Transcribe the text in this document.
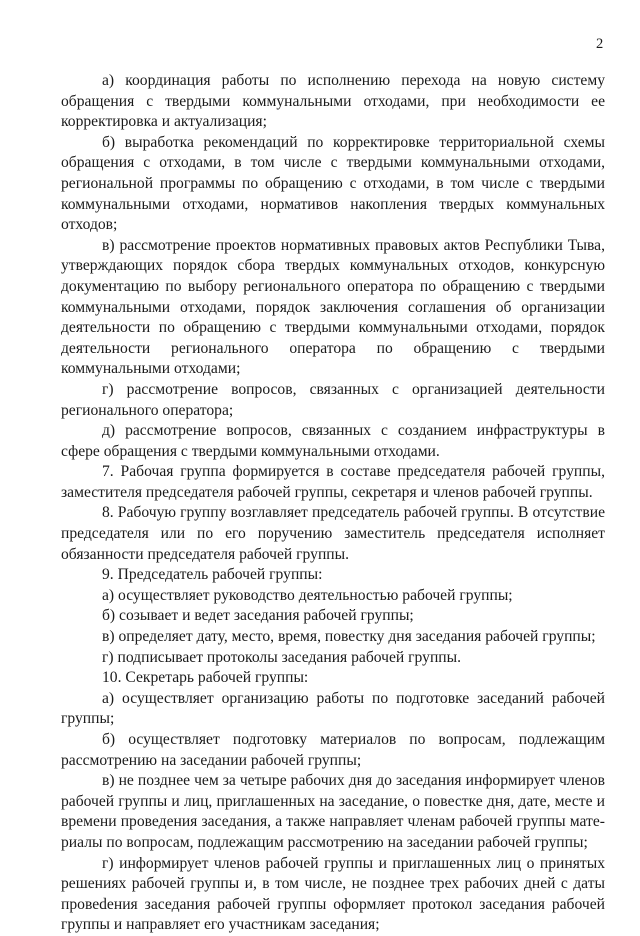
2

а) координация работы по исполнению перехода на новую систему обращения с твердыми коммунальными отходами, при необходимости ее корректировка и актуализация;

б) выработка рекомендаций по корректировке территориальной схемы обращения с отходами, в том числе с твердыми коммунальными отходами, региональной программы по обращению с отходами, в том числе с твердыми коммунальными отходами, нормативов накопления твердых коммунальных отходов;

в) рассмотрение проектов нормативных правовых актов Республики Тыва, утверждающих порядок сбора твердых коммунальных отходов, конкурсную документацию по выбору регионального оператора по обращению с твердыми коммунальными отходами, порядок заключения соглашения об организации деятельности по обращению с твердыми коммунальными отходами, порядок деятельности регионального оператора по обращению с твердыми коммунальными отходами;

г) рассмотрение вопросов, связанных с организацией деятельности регионального оператора;

д) рассмотрение вопросов, связанных с созданием инфраструктуры в сфере обращения с твердыми коммунальными отходами.

7. Рабочая группа формируется в составе председателя рабочей группы, заместителя председателя рабочей группы, секретаря и членов рабочей группы.

8. Рабочую группу возглавляет председатель рабочей группы. В отсутствие председателя или по его поручению заместитель председателя исполняет обязанности председателя рабочей группы.

9. Председатель рабочей группы:

а) осуществляет руководство деятельностью рабочей группы;

б) созывает и ведет заседания рабочей группы;

в) определяет дату, место, время, повестку дня заседания рабочей группы;

г) подписывает протоколы заседания рабочей группы.

10. Секретарь рабочей группы:

а) осуществляет организацию работы по подготовке заседаний рабочей группы;

б) осуществляет подготовку материалов по вопросам, подлежащим рассмотрению на заседании рабочей группы;

в) не позднее чем за четыре рабочих дня до заседания информирует членов рабочей группы и лиц, приглашенных на заседание, о повестке дня, дате, месте и времени проведения заседания, а также направляет членам рабочей группы материалы по вопросам, подлежащим рассмотрению на заседании рабочей группы;

г) информирует членов рабочей группы и приглашенных лиц о принятых решениях рабочей группы и, в том числе, не позднее трех рабочих дней с даты провеdения заседания рабочей группы оформляет протокол заседания рабочей группы и направляет его участникам заседания;
